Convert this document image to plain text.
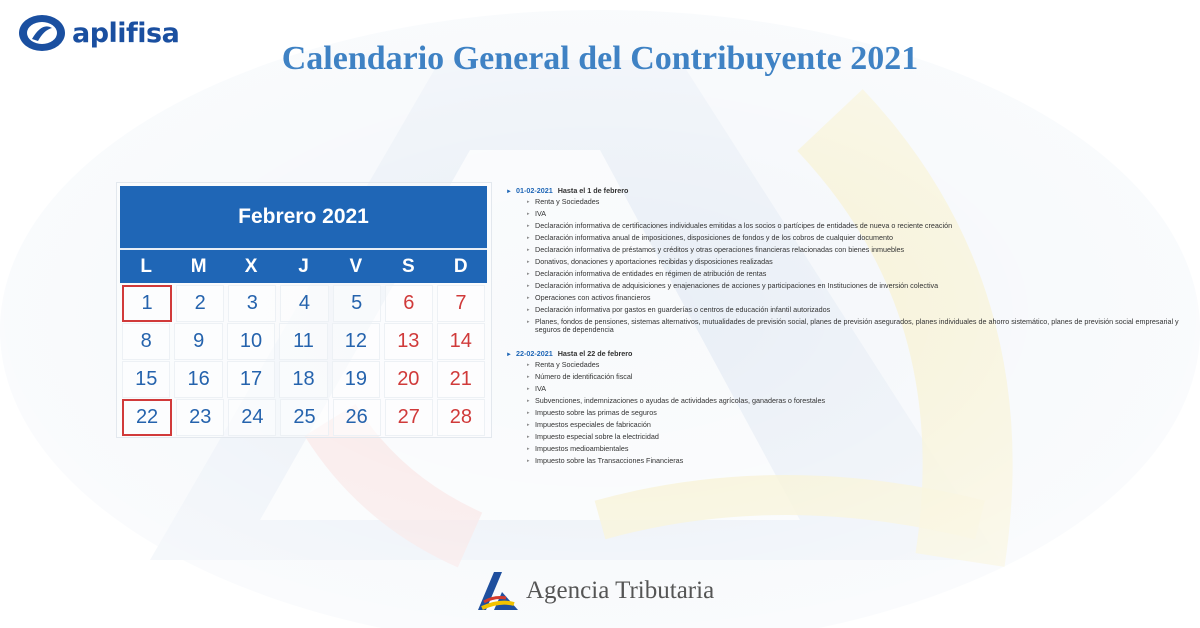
aplifisa
Calendario General del Contribuyente 2021
Febrero 2021
L	M	X	J	V	S	D
1	2	3	4	5	6	7
8	9	10	11	12	13	14
15	16	17	18	19	20	21
22	23	24	25	26	27	28
► 01-02-2021 Hasta el 1 de febrero
▸ Renta y Sociedades
▸ IVA
▸ Declaración informativa de certificaciones individuales emitidas a los socios o partícipes de entidades de nueva o reciente creación
▸ Declaración informativa anual de imposiciones, disposiciones de fondos y de los cobros de cualquier documento
▸ Declaración informativa de préstamos y créditos y otras operaciones financieras relacionadas con bienes inmuebles
▸ Donativos, donaciones y aportaciones recibidas y disposiciones realizadas
▸ Declaración informativa de entidades en régimen de atribución de rentas
▸ Declaración informativa de adquisiciones y enajenaciones de acciones y participaciones en Instituciones de inversión colectiva
▸ Operaciones con activos financieros
▸ Declaración informativa por gastos en guarderías o centros de educación infantil autorizados
▸ Planes, fondos de pensiones, sistemas alternativos, mutualidades de previsión social, planes de previsión asegurados, planes individuales de ahorro sistemático, planes de previsión social empresarial y seguros de dependencia
► 22-02-2021 Hasta el 22 de febrero
▸ Renta y Sociedades
▸ Número de identificación fiscal
▸ IVA
▸ Subvenciones, indemnizaciones o ayudas de actividades agrícolas, ganaderas o forestales
▸ Impuesto sobre las primas de seguros
▸ Impuestos especiales de fabricación
▸ Impuesto especial sobre la electricidad
▸ Impuestos medioambientales
▸ Impuesto sobre las Transacciones Financieras
Agencia Tributaria
